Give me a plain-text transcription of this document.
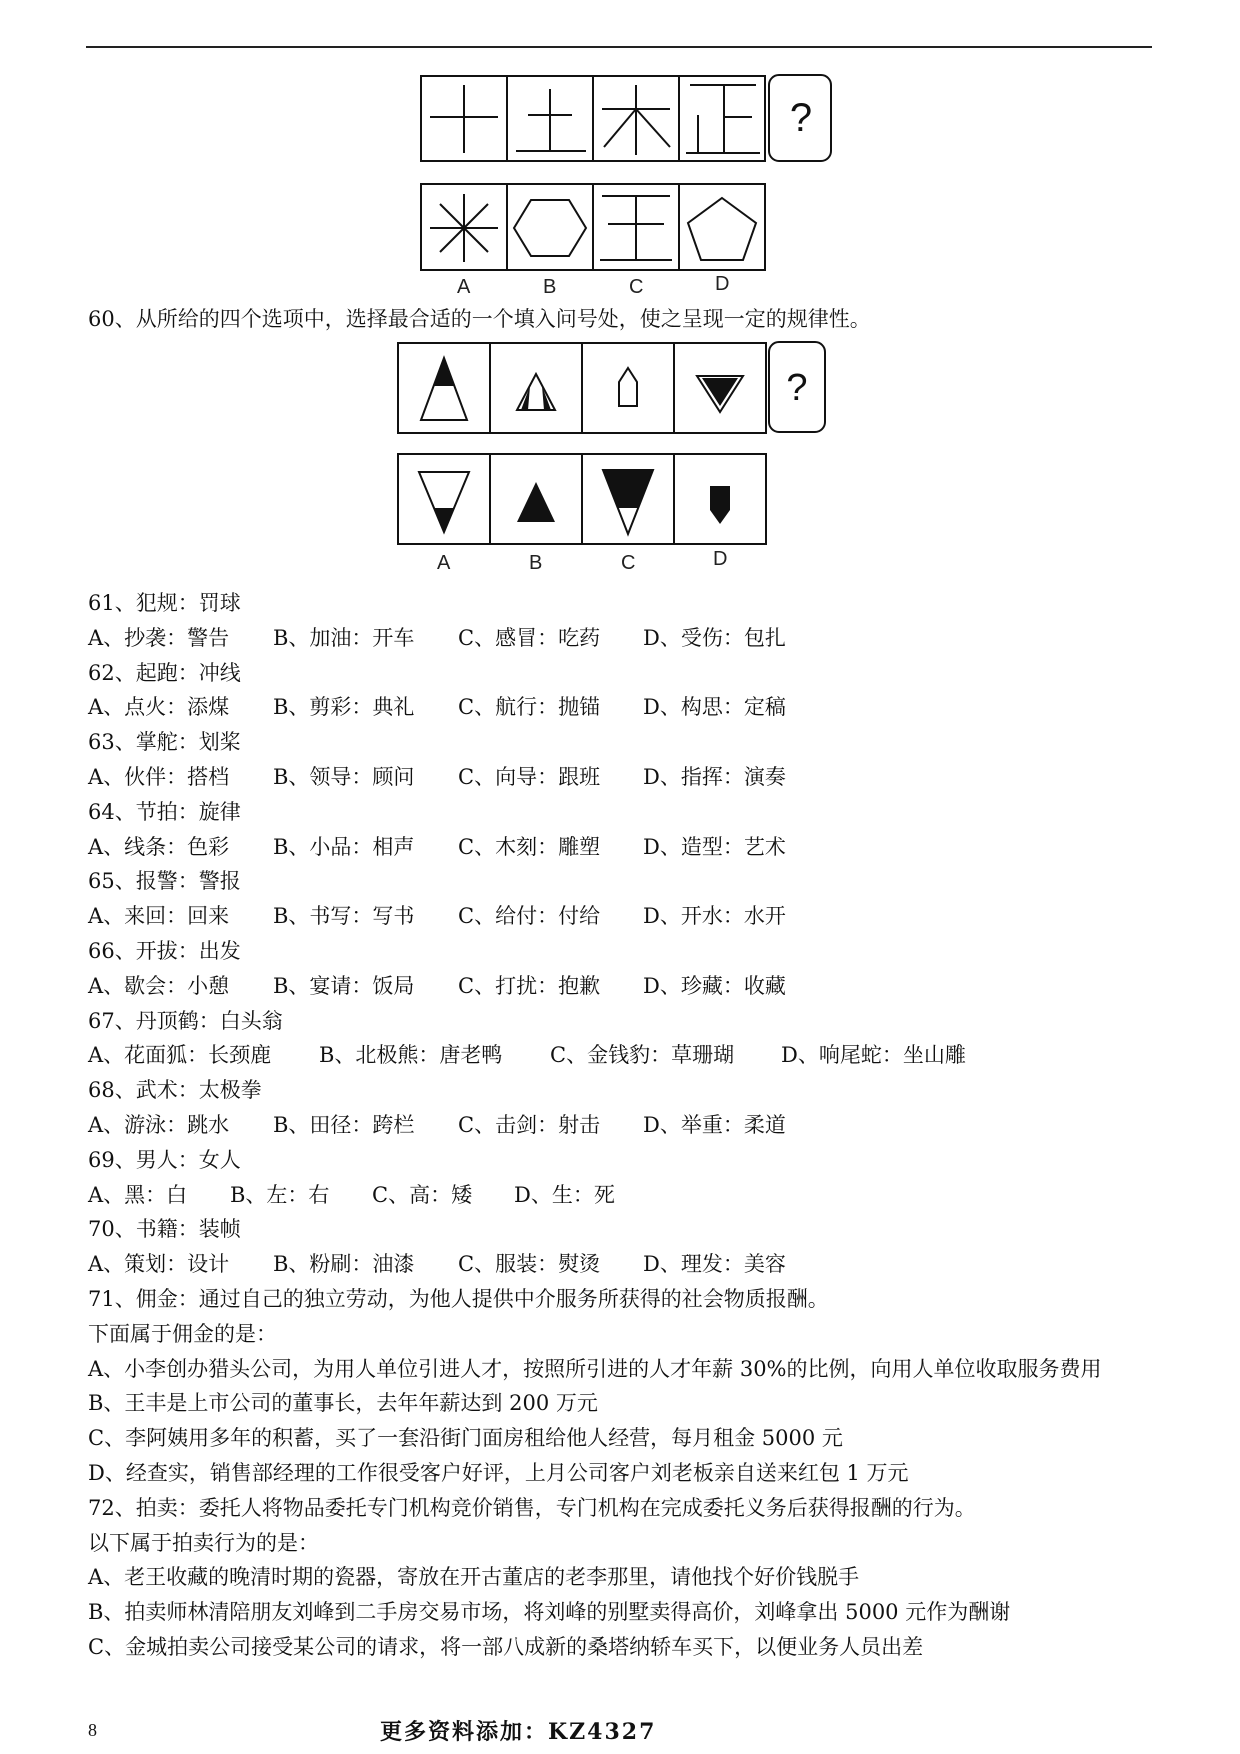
?
A	B	C	D
60、从所给的四个选项中，选择最合适的一个填入问号处，使之呈现一定的规律性。
?
A	B	C	D
61、犯规：罚球
A、抄袭：警告 B、加油：开车 C、感冒：吃药 D、受伤：包扎
62、起跑：冲线
A、点火：添煤 B、剪彩：典礼 C、航行：抛锚 D、构思：定稿
63、掌舵：划桨
A、伙伴：搭档 B、领导：顾问 C、向导：跟班 D、指挥：演奏
64、节拍：旋律
A、线条：色彩 B、小品：相声 C、木刻：雕塑 D、造型：艺术
65、报警：警报
A、来回：回来 B、书写：写书 C、给付：付给 D、开水：水开
66、开拔：出发
A、歇会：小憩 B、宴请：饭局 C、打扰：抱歉 D、珍藏：收藏
67、丹顶鹤：白头翁
A、花面狐：长颈鹿 B、北极熊：唐老鸭 C、金钱豹：草珊瑚 D、响尾蛇：坐山雕
68、武术：太极拳
A、游泳：跳水 B、田径：跨栏 C、击剑：射击 D、举重：柔道
69、男人：女人
A、黑：白 B、左：右 C、高：矮 D、生：死
70、书籍：装帧
A、策划：设计 B、粉刷：油漆 C、服装：熨烫 D、理发：美容
71、佣金：通过自己的独立劳动，为他人提供中介服务所获得的社会物质报酬。
下面属于佣金的是：
A、小李创办猎头公司，为用人单位引进人才，按照所引进的人才年薪 30%的比例，向用人单位收取服务费用
B、王丰是上市公司的董事长，去年年薪达到 200 万元
C、李阿姨用多年的积蓄，买了一套沿街门面房租给他人经营，每月租金 5000 元
D、经查实，销售部经理的工作很受客户好评，上月公司客户刘老板亲自送来红包 1 万元
72、拍卖：委托人将物品委托专门机构竞价销售，专门机构在完成委托义务后获得报酬的行为。
以下属于拍卖行为的是：
A、老王收藏的晚清时期的瓷器，寄放在开古董店的老李那里，请他找个好价钱脱手
B、拍卖师林清陪朋友刘峰到二手房交易市场，将刘峰的别墅卖得高价，刘峰拿出 5000 元作为酬谢
C、金城拍卖公司接受某公司的请求，将一部八成新的桑塔纳轿车买下，以便业务人员出差
8	更多资料添加：KZ4327
